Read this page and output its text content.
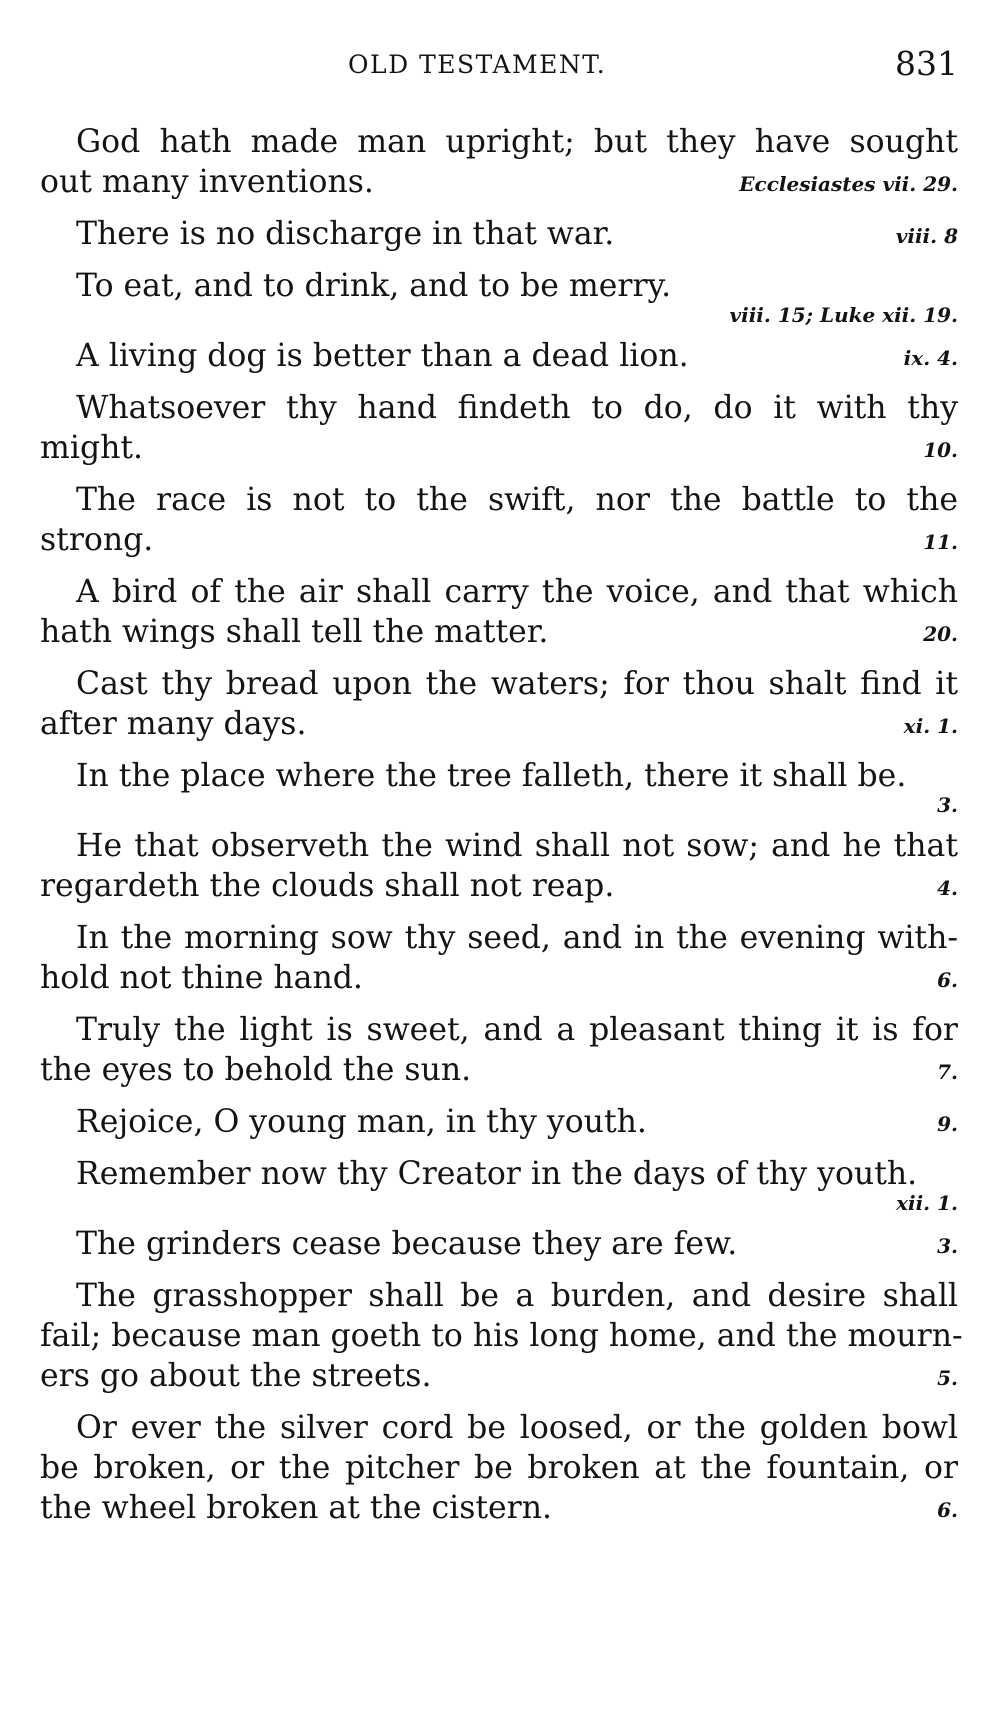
OLD TESTAMENT.	831
God hath made man upright; but they have sought
out many inventions.	Ecclesiastes vii. 29.
There is no discharge in that war.	viii. 8
To eat, and to drink, and to be merry.
viii. 15; Luke xii. 19.
A living dog is better than a dead lion.	ix. 4.
Whatsoever thy hand findeth to do, do it with thy
might.	10.
The race is not to the swift, nor the battle to the
strong.	11.
A bird of the air shall carry the voice, and that which
hath wings shall tell the matter.	20.
Cast thy bread upon the waters; for thou shalt find it
after many days.	xi. 1.
In the place where the tree falleth, there it shall be.
3.
He that observeth the wind shall not sow; and he that
regardeth the clouds shall not reap.	4.
In the morning sow thy seed, and in the evening with-
hold not thine hand.	6.
Truly the light is sweet, and a pleasant thing it is for
the eyes to behold the sun.	7.
Rejoice, O young man, in thy youth.	9.
Remember now thy Creator in the days of thy youth.
xii. 1.
The grinders cease because they are few.	3.
The grasshopper shall be a burden, and desire shall
fail; because man goeth to his long home, and the mourn-
ers go about the streets.	5.
Or ever the silver cord be loosed, or the golden bowl
be broken, or the pitcher be broken at the fountain, or
the wheel broken at the cistern.	6.
